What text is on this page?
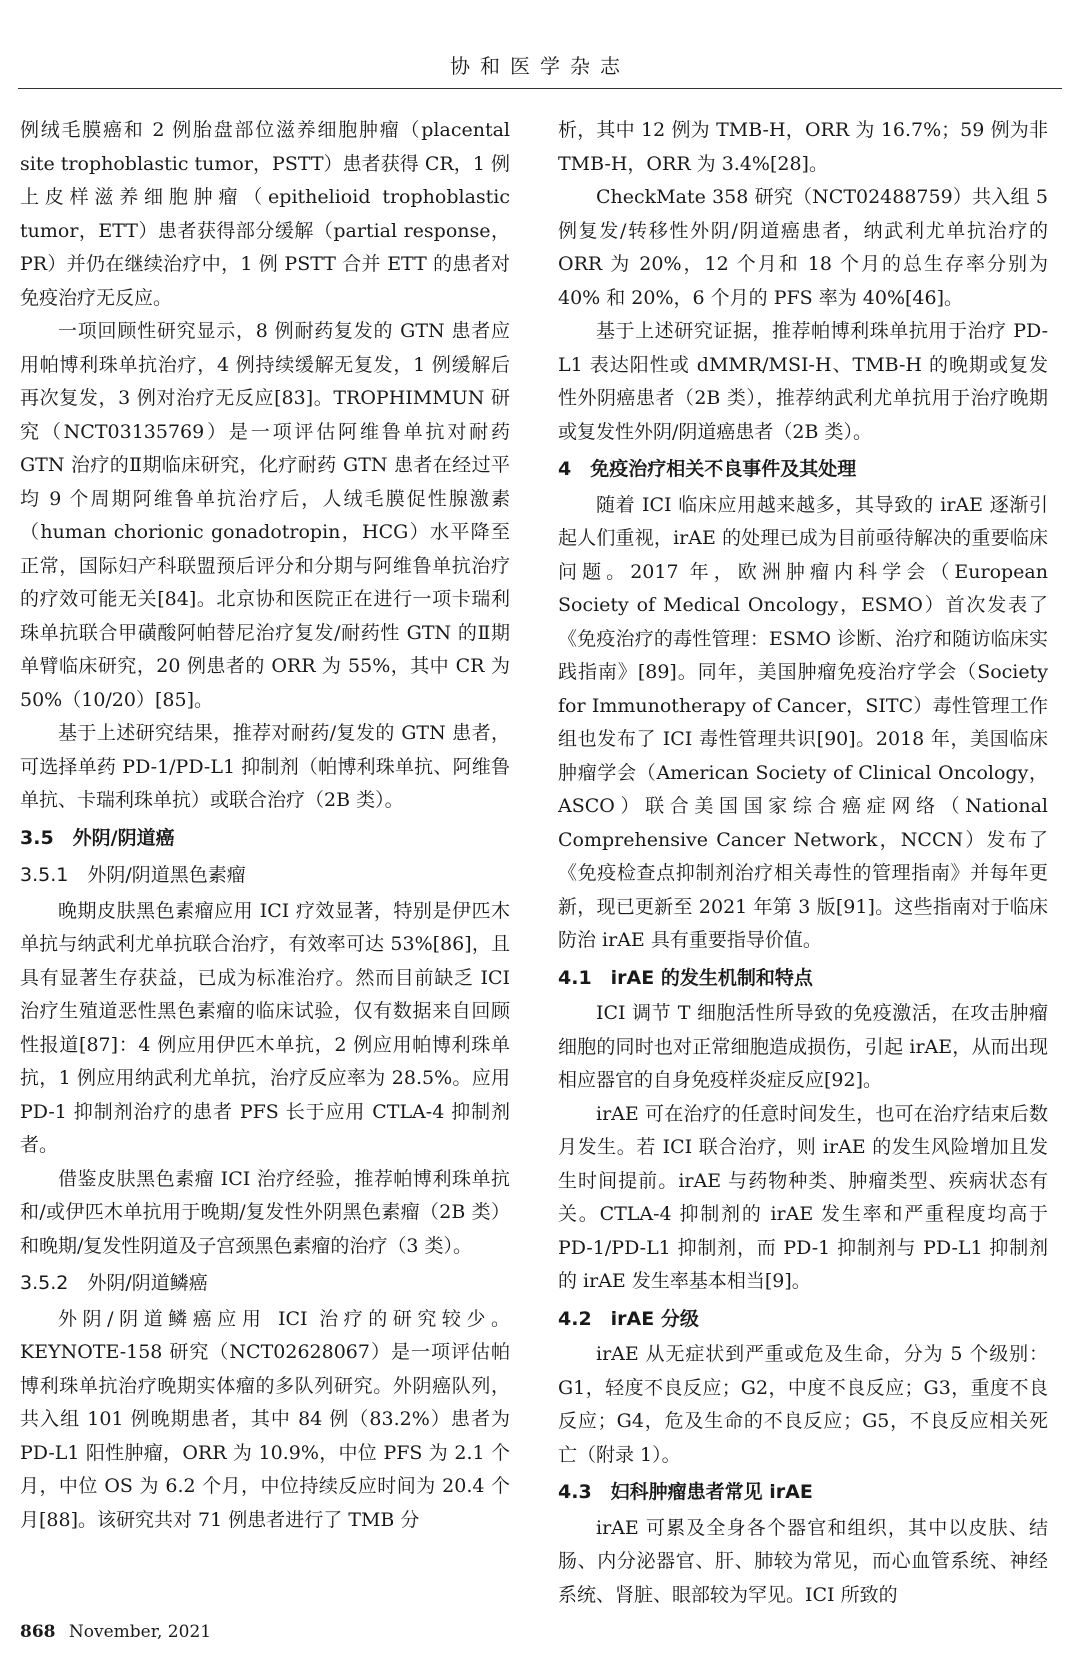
协和医学杂志

例绒毛膜癌和 2 例胎盘部位滋养细胞肿瘤（placental site trophoblastic tumor，PSTT）患者获得 CR，1 例上皮样滋养细胞肿瘤（epithelioid trophoblastic tumor，ETT）患者获得部分缓解（partial response，PR）并仍在继续治疗中，1 例 PSTT 合并 ETT 的患者对免疫治疗无反应。

一项回顾性研究显示，8 例耐药复发的 GTN 患者应用帕博利珠单抗治疗，4 例持续缓解无复发，1 例缓解后再次复发，3 例对治疗无反应[83]。TROPHIMMUN 研究（NCT03135769）是一项评估阿维鲁单抗对耐药 GTN 治疗的Ⅱ期临床研究，化疗耐药 GTN 患者在经过平均 9 个周期阿维鲁单抗治疗后，人绒毛膜促性腺激素（human chorionic gonadotropin，HCG）水平降至正常，国际妇产科联盟预后评分和分期与阿维鲁单抗治疗的疗效可能无关[84]。北京协和医院正在进行一项卡瑞利珠单抗联合甲磺酸阿帕替尼治疗复发/耐药性 GTN 的Ⅱ期单臂临床研究，20 例患者的 ORR 为 55%，其中 CR 为 50%（10/20）[85]。

基于上述研究结果，推荐对耐药/复发的 GTN 患者，可选择单药 PD-1/PD-L1 抑制剂（帕博利珠单抗、阿维鲁单抗、卡瑞利珠单抗）或联合治疗（2B 类）。

3.5　外阴/阴道癌
3.5.1　外阴/阴道黑色素瘤

晚期皮肤黑色素瘤应用 ICI 疗效显著，特别是伊匹木单抗与纳武利尤单抗联合治疗，有效率可达 53%[86]，且具有显著生存获益，已成为标准治疗。然而目前缺乏 ICI 治疗生殖道恶性黑色素瘤的临床试验，仅有数据来自回顾性报道[87]：4 例应用伊匹木单抗，2 例应用帕博利珠单抗，1 例应用纳武利尤单抗，治疗反应率为 28.5%。应用 PD-1 抑制剂治疗的患者 PFS 长于应用 CTLA-4 抑制剂者。

借鉴皮肤黑色素瘤 ICI 治疗经验，推荐帕博利珠单抗和/或伊匹木单抗用于晚期/复发性外阴黑色素瘤（2B 类）和晚期/复发性阴道及子宫颈黑色素瘤的治疗（3 类）。

3.5.2　外阴/阴道鳞癌

外阴/阴道鳞癌应用 ICI 治疗的研究较少。KEYNOTE-158 研究（NCT02628067）是一项评估帕博利珠单抗治疗晚期实体瘤的多队列研究。外阴癌队列，共入组 101 例晚期患者，其中 84 例（83.2%）患者为 PD-L1 阳性肿瘤，ORR 为 10.9%，中位 PFS 为 2.1 个月，中位 OS 为 6.2 个月，中位持续反应时间为 20.4 个月[88]。该研究共对 71 例患者进行了 TMB 分

析，其中 12 例为 TMB-H，ORR 为 16.7%；59 例为非 TMB-H，ORR 为 3.4%[28]。

CheckMate 358 研究（NCT02488759）共入组 5 例复发/转移性外阴/阴道癌患者，纳武利尤单抗治疗的 ORR 为 20%，12 个月和 18 个月的总生存率分别为 40% 和 20%，6 个月的 PFS 率为 40%[46]。

基于上述研究证据，推荐帕博利珠单抗用于治疗 PD-L1 表达阳性或 dMMR/MSI-H、TMB-H 的晚期或复发性外阴癌患者（2B 类），推荐纳武利尤单抗用于治疗晚期或复发性外阴/阴道癌患者（2B 类）。

4　免疫治疗相关不良事件及其处理

随着 ICI 临床应用越来越多，其导致的 irAE 逐渐引起人们重视，irAE 的处理已成为目前亟待解决的重要临床问题。2017 年，欧洲肿瘤内科学会（European Society of Medical Oncology，ESMO）首次发表了《免疫治疗的毒性管理：ESMO 诊断、治疗和随访临床实践指南》[89]。同年，美国肿瘤免疫治疗学会（Society for Immunotherapy of Cancer，SITC）毒性管理工作组也发布了 ICI 毒性管理共识[90]。2018 年，美国临床肿瘤学会（American Society of Clinical Oncology，ASCO）联合美国国家综合癌症网络（National Comprehensive Cancer Network，NCCN）发布了《免疫检查点抑制剂治疗相关毒性的管理指南》并每年更新，现已更新至 2021 年第 3 版[91]。这些指南对于临床防治 irAE 具有重要指导价值。

4.1　irAE 的发生机制和特点

ICI 调节 T 细胞活性所导致的免疫激活，在攻击肿瘤细胞的同时也对正常细胞造成损伤，引起 irAE，从而出现相应器官的自身免疫样炎症反应[92]。

irAE 可在治疗的任意时间发生，也可在治疗结束后数月发生。若 ICI 联合治疗，则 irAE 的发生风险增加且发生时间提前。irAE 与药物种类、肿瘤类型、疾病状态有关。CTLA-4 抑制剂的 irAE 发生率和严重程度均高于 PD-1/PD-L1 抑制剂，而 PD-1 抑制剂与 PD-L1 抑制剂的 irAE 发生率基本相当[9]。

4.2　irAE 分级

irAE 从无症状到严重或危及生命，分为 5 个级别：G1，轻度不良反应；G2，中度不良反应；G3，重度不良反应；G4，危及生命的不良反应；G5，不良反应相关死亡（附录 1）。

4.3　妇科肿瘤患者常见 irAE

irAE 可累及全身各个器官和组织，其中以皮肤、结肠、内分泌器官、肝、肺较为常见，而心血管系统、神经系统、肾脏、眼部较为罕见。ICI 所致的

868 November, 2021
